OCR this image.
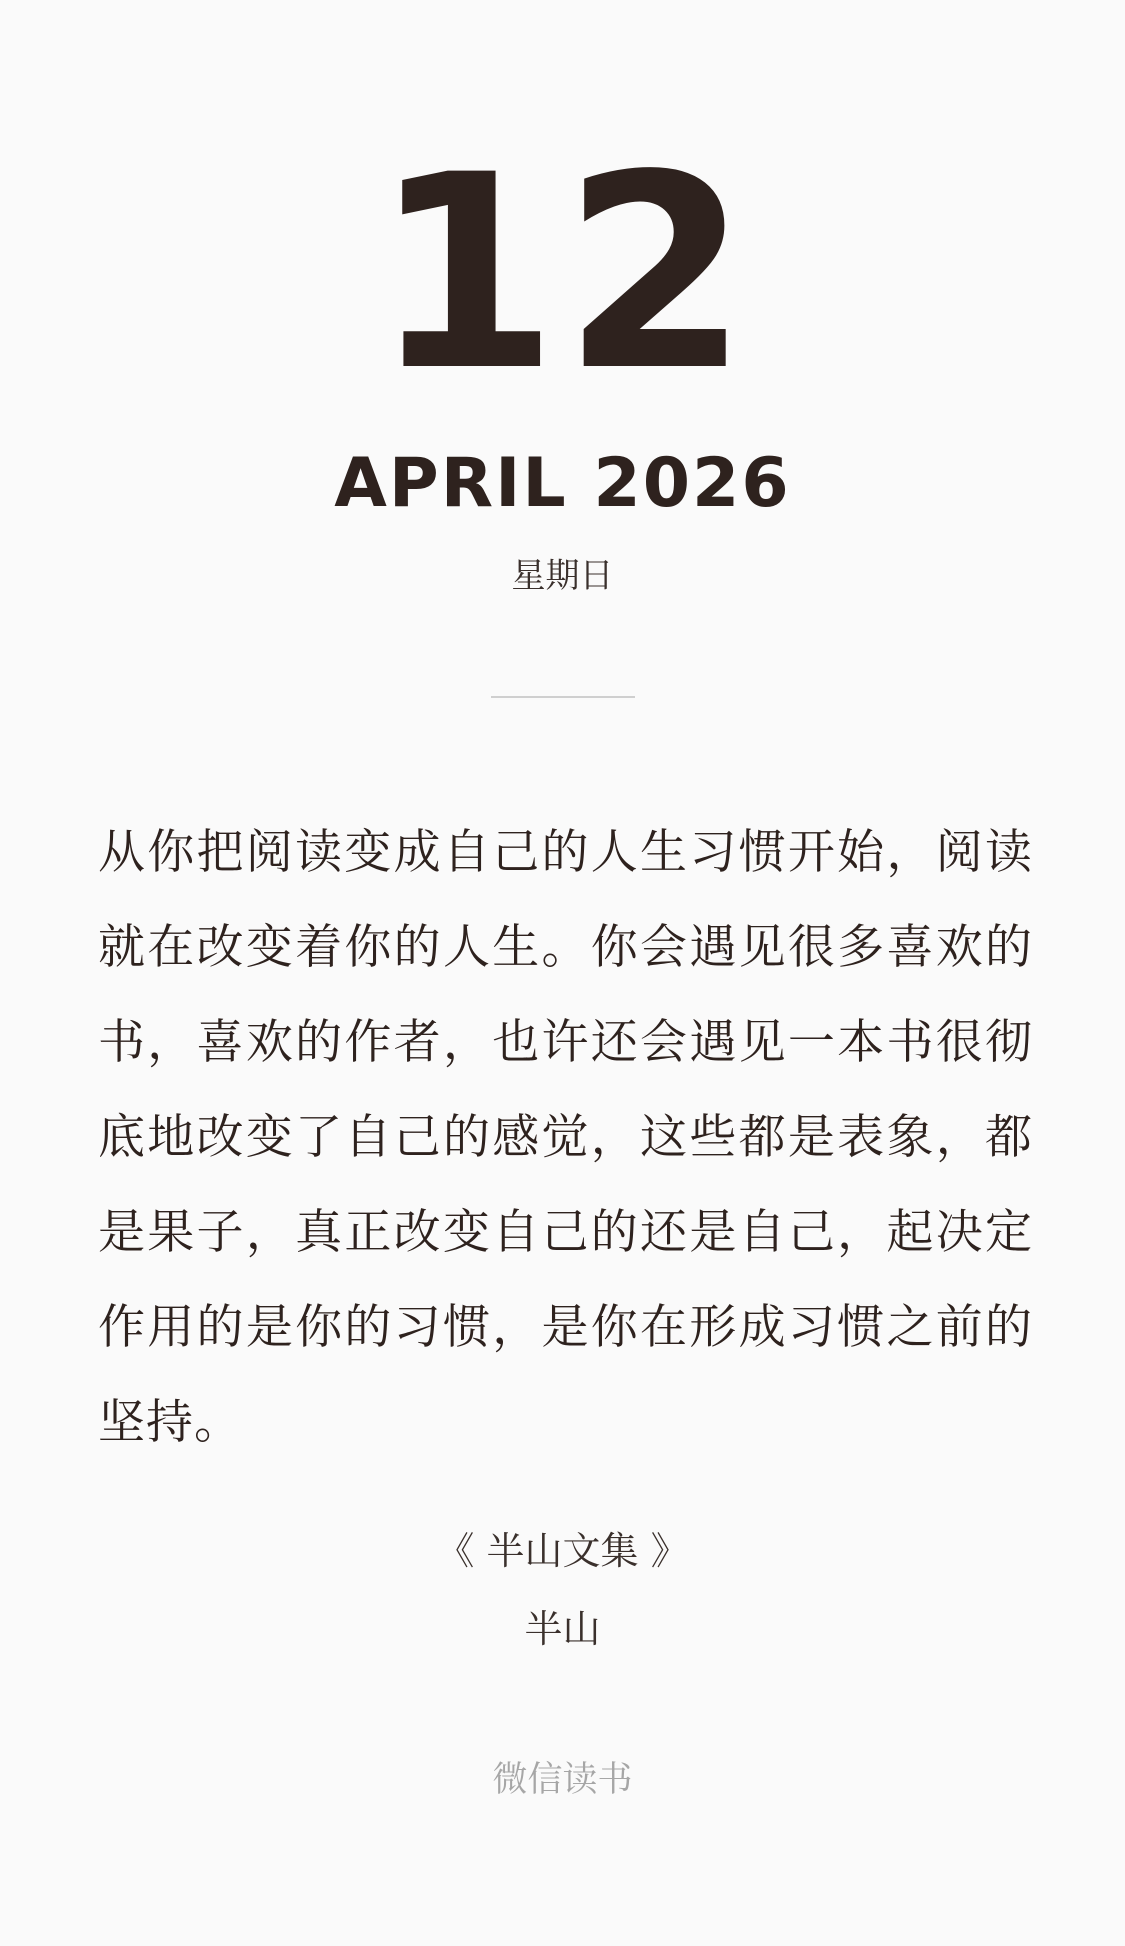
12
APRIL 2026
星期日
从你把阅读变成自己的人生习惯开始，阅读就在改变着你的人生。你会遇见很多喜欢的书，喜欢的作者，也许还会遇见一本书很彻底地改变了自己的感觉，这些都是表象，都是果子，真正改变自己的还是自己，起决定作用的是你的习惯，是你在形成习惯之前的坚持。
《 半山文集 》
半山
微信读书
